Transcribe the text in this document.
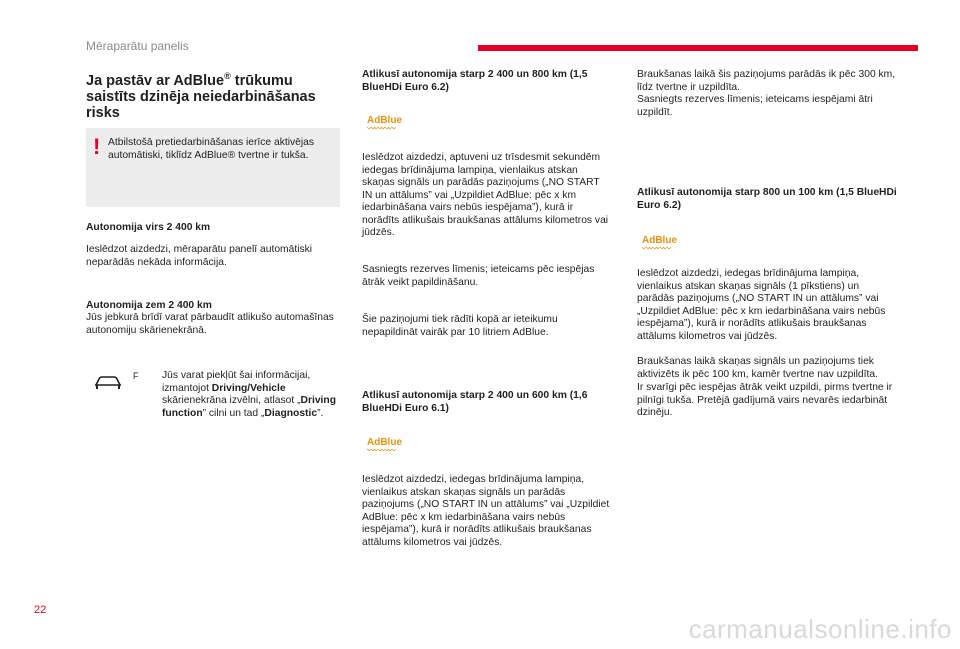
Mēraparātu panelis
Ja pastāv ar AdBlue® trūkumu saistīts dzinēja neiedarbināšanas risks
! Atbilstošā pretiedarbināšanas ierīce aktivējas automātiski, tiklīdz AdBlue® tvertne ir tukša.
Autonomija virs 2 400 km
Ieslēdzot aizdedzi, mēraparātu panelī automātiski neparādās nekāda informācija.
Autonomija zem 2 400 km
Jūs jebkurā brīdī varat pārbaudīt atlikušo automašīnas autonomiju skārienekrānā.
F Jūs varat piekļūt šai informācijai, izmantojot Driving/Vehicle skārienekrāna izvēlni, atlasot „Driving function” cilni un tad „Diagnostic”.
Atlikusī autonomija starp 2 400 un 800 km (1,5 BlueHDi Euro 6.2)
AdBlue
〰〰〰〰
Ieslēdzot aizdedzi, aptuveni uz trīsdesmit sekundēm iedegas brīdinājuma lampiņa, vienlaikus atskan skaņas signāls un parādās paziņojums („NO START IN un attālums” vai „Uzpildiet AdBlue: pēc x km iedarbināšana vairs nebūs iespējama”), kurā ir norādīts atlikušais braukšanas attālums kilometros vai jūdzēs.
Sasniegts rezerves līmenis; ieteicams pēc iespējas ātrāk veikt papildināšanu.
Šie paziņojumi tiek rādīti kopā ar ieteikumu nepapildināt vairāk par 10 litriem AdBlue.
Atlikusī autonomija starp 2 400 un 600 km (1,6 BlueHDi Euro 6.1)
AdBlue
〰〰〰〰
Ieslēdzot aizdedzi, iedegas brīdinājuma lampiņa, vienlaikus atskan skaņas signāls un parādās paziņojums („NO START IN un attālums” vai „Uzpildiet AdBlue: pēc x km iedarbināšana vairs nebūs iespējama”), kurā ir norādīts atlikušais braukšanas attālums kilometros vai jūdzēs.
Braukšanas laikā šis paziņojums parādās ik pēc 300 km, līdz tvertne ir uzpildīta.
Sasniegts rezerves līmenis; ieteicams iespējami ātri uzpildīt.
Atlikusī autonomija starp 800 un 100 km (1,5 BlueHDi Euro 6.2)
AdBlue
〰〰〰〰
Ieslēdzot aizdedzi, iedegas brīdinājuma lampiņa, vienlaikus atskan skaņas signāls (1 pīkstiens) un parādās paziņojums („NO START IN un attālums” vai „Uzpildiet AdBlue: pēc x km iedarbināšana vairs nebūs iespējama”), kurā ir norādīts atlikušais braukšanas attālums kilometros vai jūdzēs.
Braukšanas laikā skaņas signāls un paziņojums tiek aktivizēts ik pēc 100 km, kamēr tvertne nav uzpildīta.
Ir svarīgi pēc iespējas ātrāk veikt uzpildi, pirms tvertne ir pilnīgi tukša. Pretējā gadījumā vairs nevarēs iedarbināt dzinēju.
22
carmanualsonline.info
